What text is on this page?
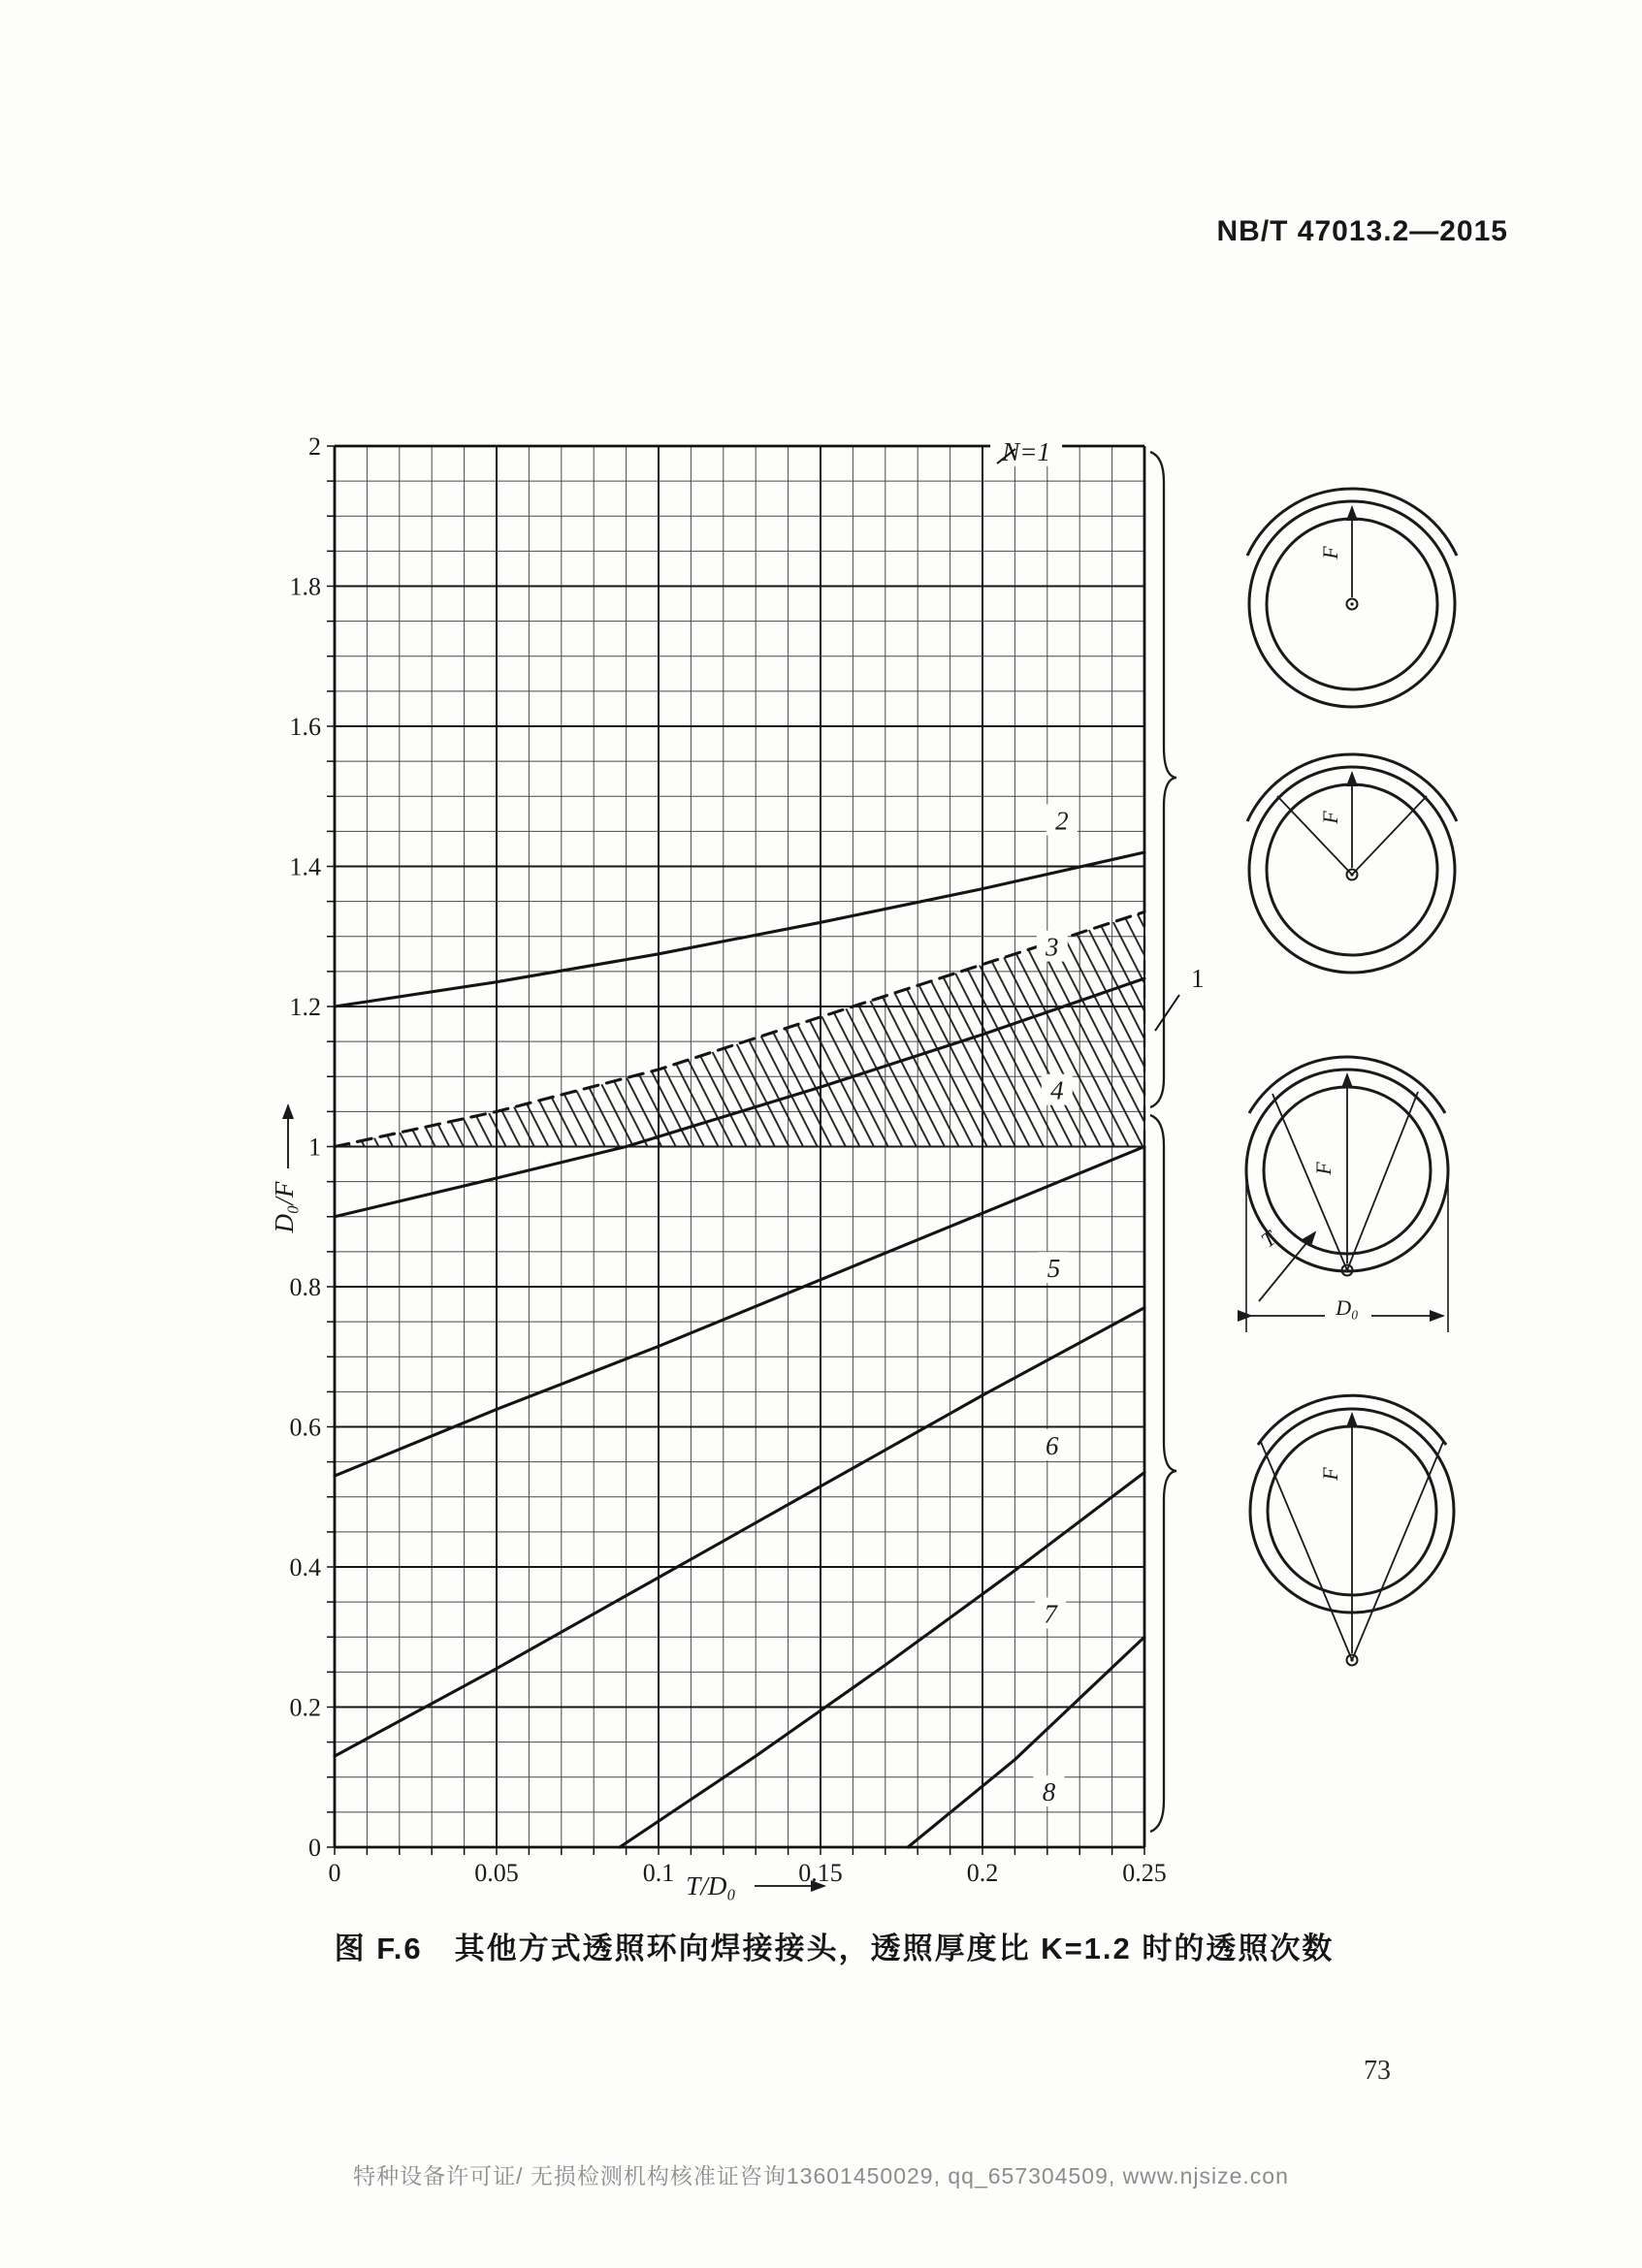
NB/T 47013.2—2015
0	0.05	0.1	0.15	0.2	0.25
2
1.8
1.6
1.4
1.2
1
0.8
0.6
0.4
0.2
0
N=1
2
3
4
5
6
7
8
1
D₀/F
T/D₀
F
F
F
T
D₀
F
图 F.6　其他方式透照环向焊接接头，透照厚度比 K=1.2 时的透照次数
73
特种设备许可证/ 无损检测机构核准证咨询13601450029, qq_657304509, www.njsize.con
